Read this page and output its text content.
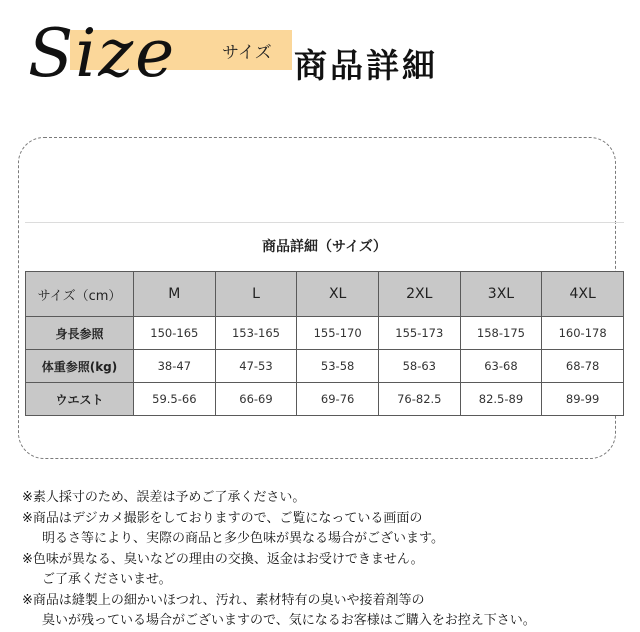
Size	サイズ 商品詳細
商品詳細（サイズ）
サイズ（cm）	M	L	XL	2XL	3XL	4XL
身長参照	150-165	153-165	155-170	155-173	158-175	160-178
体重参照(kg)	38-47	47-53	53-58	58-63	63-68	68-78
ウエスト	59.5-66	66-69	69-76	76-82.5	82.5-89	89-99
※素人採寸のため、誤差は予めご了承ください。
※商品はデジカメ撮影をしておりますので、ご覧になっている画面の
明るさ等により、実際の商品と多少色味が異なる場合がございます。
※色味が異なる、臭いなどの理由の交換、返金はお受けできません。
ご了承くださいませ。
※商品は縫製上の細かいほつれ、汚れ、素材特有の臭いや接着剤等の
臭いが残っている場合がございますので、気になるお客様はご購入をお控え下さい。
